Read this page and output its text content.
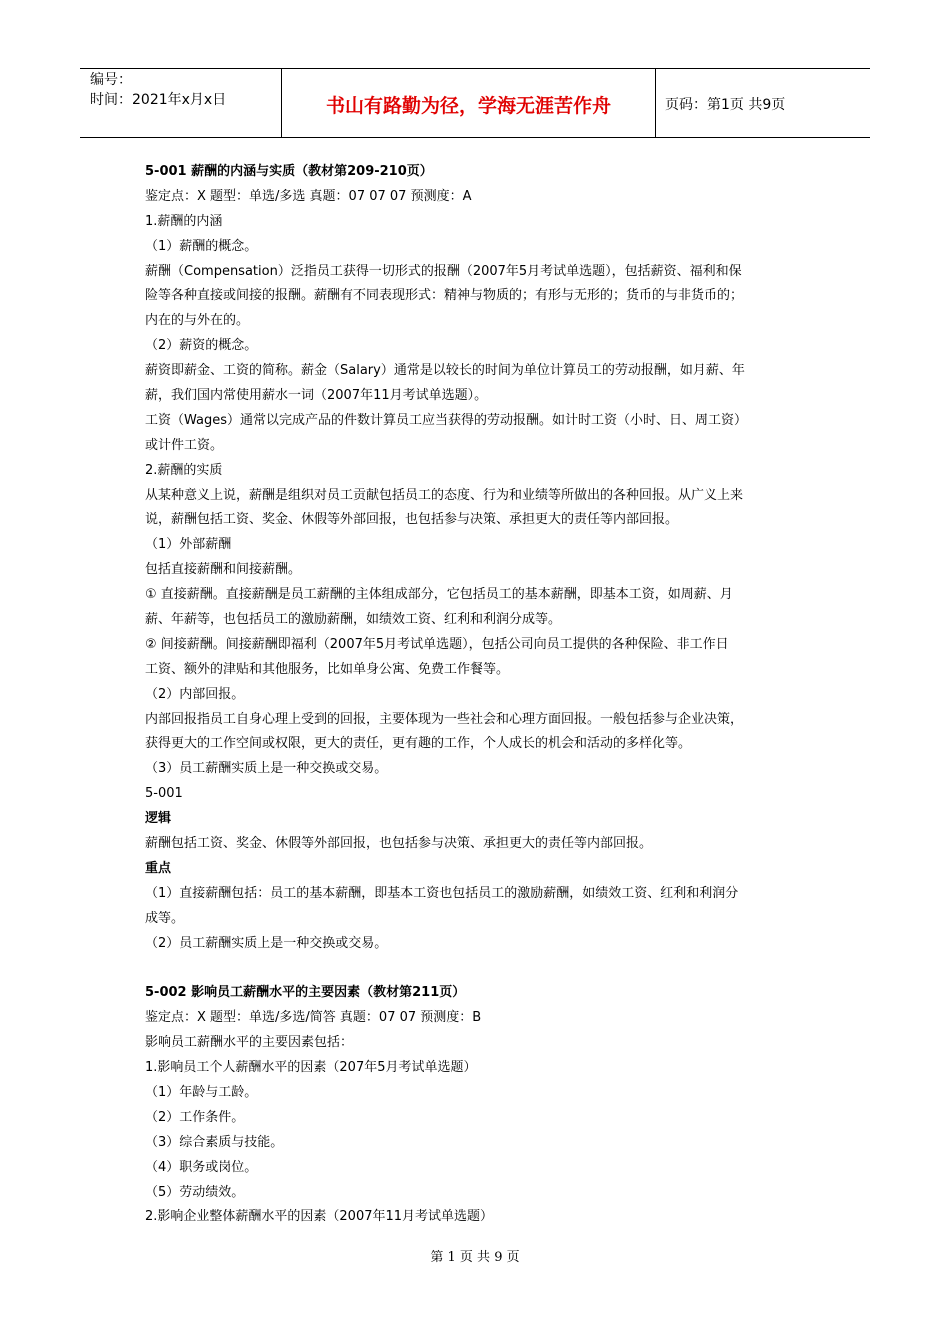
编号：
时间：2021年x月x日	书山有路勤为径，学海无涯苦作舟	页码：第1页 共9页
5-001 薪酬的内涵与实质（教材第209-210页）
鉴定点：X 题型：单选/多选 真题：07 07 07 预测度：A
1.薪酬的内涵
（1）薪酬的概念。
薪酬（Compensation）泛指员工获得一切形式的报酬（2007年5月考试单选题），包括薪资、福利和保
险等各种直接或间接的报酬。薪酬有不同表现形式：精神与物质的；有形与无形的；货币的与非货币的；
内在的与外在的。
（2）薪资的概念。
薪资即薪金、工资的简称。薪金（Salary）通常是以较长的时间为单位计算员工的劳动报酬，如月薪、年
薪，我们国内常使用薪水一词（2007年11月考试单选题）。
工资（Wages）通常以完成产品的件数计算员工应当获得的劳动报酬。如计时工资（小时、日、周工资）
或计件工资。
2.薪酬的实质
从某种意义上说，薪酬是组织对员工贡献包括员工的态度、行为和业绩等所做出的各种回报。从广义上来
说，薪酬包括工资、奖金、休假等外部回报，也包括参与决策、承担更大的责任等内部回报。
（1）外部薪酬
包括直接薪酬和间接薪酬。
① 直接薪酬。直接薪酬是员工薪酬的主体组成部分，它包括员工的基本薪酬，即基本工资，如周薪、月
薪、年薪等，也包括员工的激励薪酬，如绩效工资、红利和利润分成等。
② 间接薪酬。间接薪酬即福利（2007年5月考试单选题），包括公司向员工提供的各种保险、非工作日
工资、额外的津贴和其他服务，比如单身公寓、免费工作餐等。
（2）内部回报。
内部回报指员工自身心理上受到的回报，主要体现为一些社会和心理方面回报。一般包括参与企业决策，
获得更大的工作空间或权限，更大的责任，更有趣的工作，个人成长的机会和活动的多样化等。
（3）员工薪酬实质上是一种交换或交易。
5-001
逻辑
薪酬包括工资、奖金、休假等外部回报，也包括参与决策、承担更大的责任等内部回报。
重点
（1）直接薪酬包括：员工的基本薪酬，即基本工资也包括员工的激励薪酬，如绩效工资、红利和利润分
成等。
（2）员工薪酬实质上是一种交换或交易。
5-002 影响员工薪酬水平的主要因素（教材第211页）
鉴定点：X 题型：单选/多选/简答 真题：07 07 预测度：B
影响员工薪酬水平的主要因素包括：
1.影响员工个人薪酬水平的因素（207年5月考试单选题）
（1）年龄与工龄。
（2）工作条件。
（3）综合素质与技能。
（4）职务或岗位。
（5）劳动绩效。
2.影响企业整体薪酬水平的因素（2007年11月考试单选题）
第 1 页 共 9 页
